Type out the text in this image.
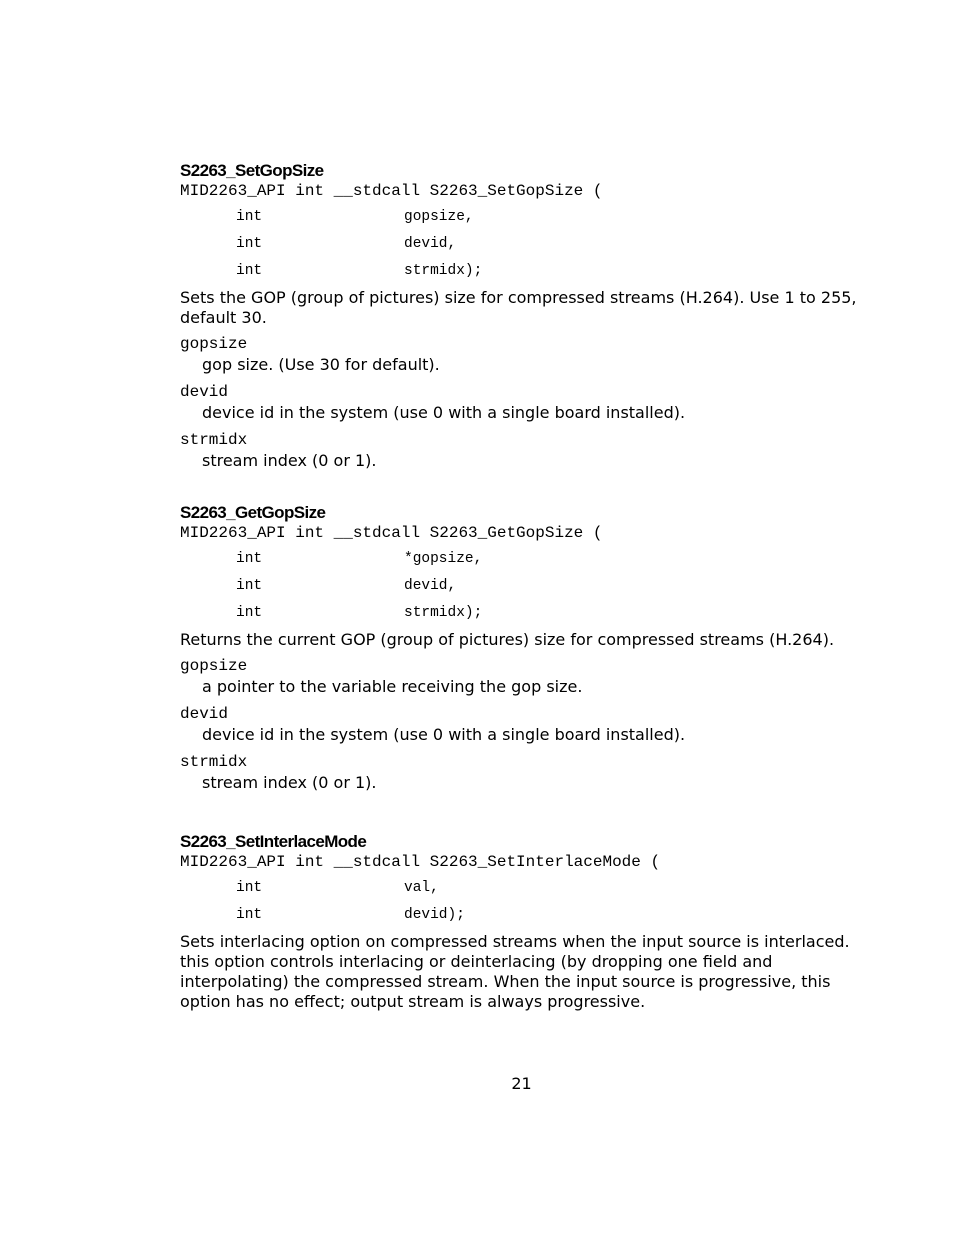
S2263_SetGopSize
MID2263_API int __stdcall S2263_SetGopSize (
int	gopsize,
int	devid,
int	strmidx);

Sets the GOP (group of pictures) size for compressed streams (H.264). Use 1 to 255, default 30.

gopsize
gop size. (Use 30 for default).
devid
device id in the system (use 0 with a single board installed).
strmidx
stream index (0 or 1).
S2263_GetGopSize
MID2263_API int __stdcall S2263_GetGopSize (
int	*gopsize,
int	devid,
int	strmidx);

Returns the current GOP (group of pictures) size for compressed streams (H.264).

gopsize
a pointer to the variable receiving the gop size.
devid
device id in the system (use 0 with a single board installed).
strmidx
stream index (0 or 1).
S2263_SetInterlaceMode
MID2263_API int __stdcall S2263_SetInterlaceMode (
int	val,
int	devid);

Sets interlacing option on compressed streams when the input source is interlaced. this option controls interlacing or deinterlacing (by dropping one field and interpolating) the compressed stream. When the input source is progressive, this option has no effect; output stream is always progressive.

21
